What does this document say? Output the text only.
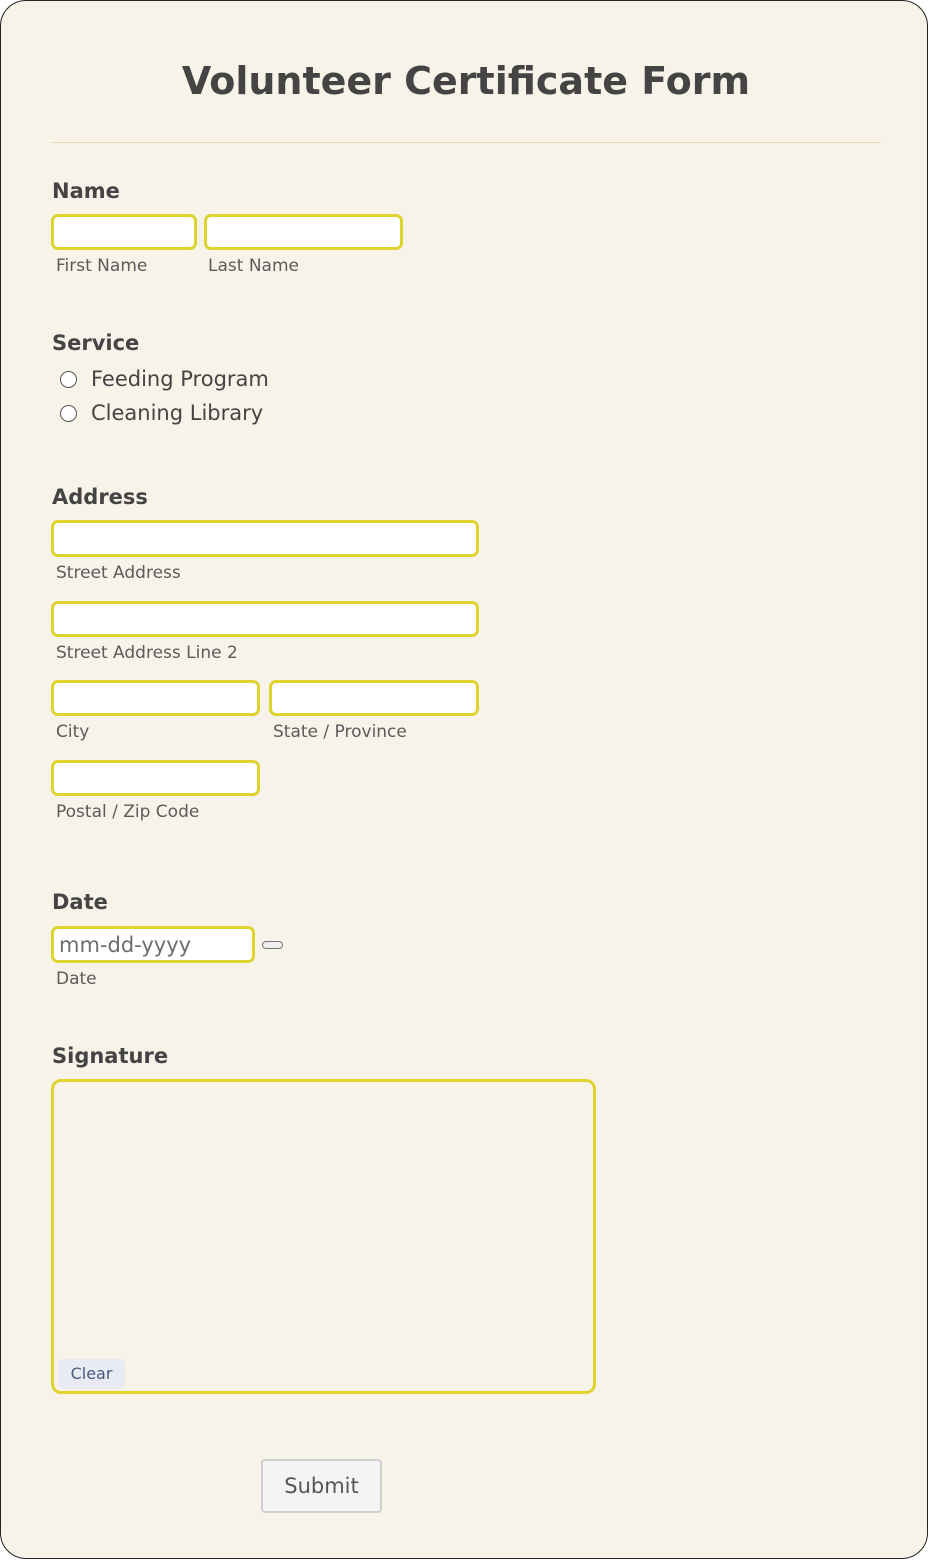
Volunteer Certificate Form
Name
First Name	Last Name
Service
Feeding Program
Cleaning Library
Address
Street Address
Street Address Line 2
City	State / Province
Postal / Zip Code
Date
mm-dd-yyyy
Date
Signature
Clear
Submit
